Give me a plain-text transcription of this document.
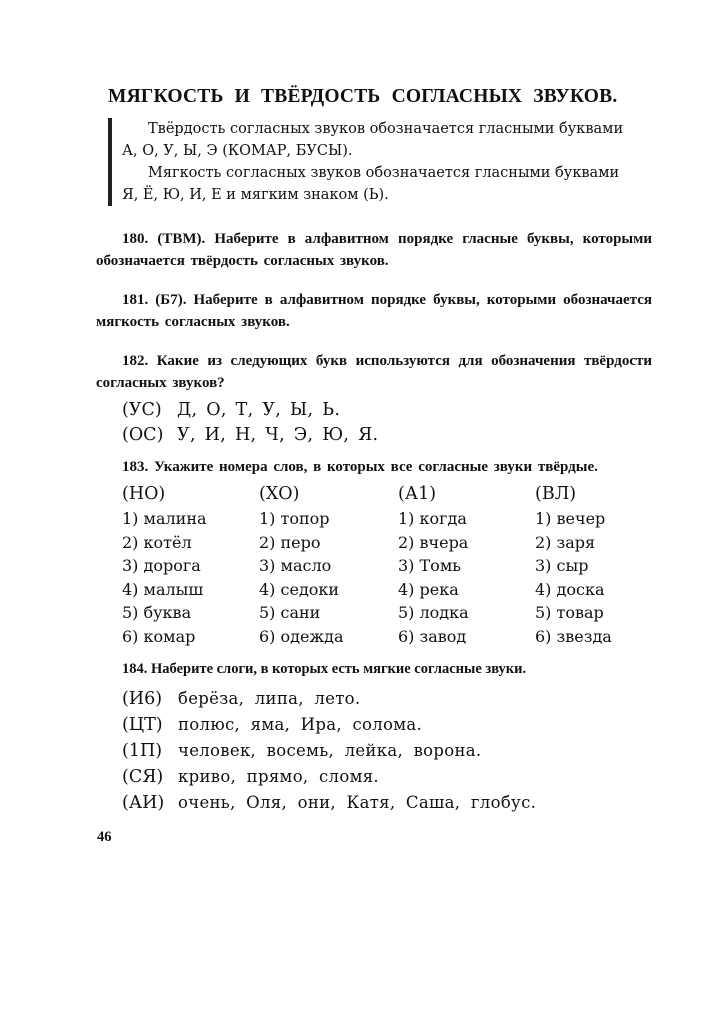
МЯГКОСТЬ И ТВЁРДОСТЬ СОГЛАСНЫХ ЗВУКОВ.
Твёрдость согласных звуков обозначается гласными буквами
А, О, У, Ы, Э (КОМАР, БУСЫ).
Мягкость согласных звуков обозначается гласными буквами
Я, Ё, Ю, И, Е и мягким знаком (Ь).
180. (ТВМ). Наберите в алфавитном порядке гласные буквы, которыми обозначается твёрдость согласных звуков.
181. (Б7). Наберите в алфавитном порядке буквы, которыми обозначается мягкость согласных звуков.
182. Какие из следующих букв используются для обозначения твёрдости согласных звуков?
(УС) Д, О, Т, У, Ы, Ь.
(ОС) У, И, Н, Ч, Э, Ю, Я.
183. Укажите номера слов, в которых все согласные звуки твёрдые.
(НО)	(ХО)	(А1)	(ВЛ)
1) малина	1) топор	1) когда	1) вечер
2) котёл	2) перо	2) вчера	2) заря
3) дорога	3) масло	3) Томь	3) сыр
4) малыш	4) седоки	4) река	4) доска
5) буква	5) сани	5) лодка	5) товар
6) комар	6) одежда	6) завод	6) звезда
184. Наберите слоги, в которых есть мягкие согласные звуки.
(И6) берёза, липа, лето.
(ЦТ) полюс, яма, Ира, солома.
(1П) человек, восемь, лейка, ворона.
(СЯ) криво, прямо, сломя.
(АИ) очень, Оля, они, Катя, Саша, глобус.
46
